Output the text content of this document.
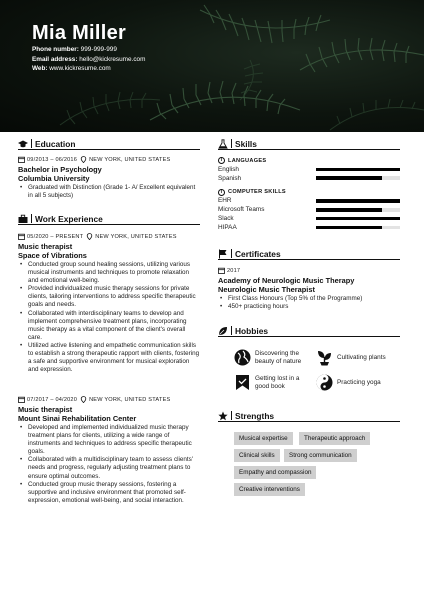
Mia Miller
Phone number: 999-999-999
Email address: hello@kickresume.com
Web: www.kickresume.com
Education
09/2013 – 06/2016 NEW YORK, UNITED STATES
Bachelor in Psychology
Columbia University
• Graduated with Distinction (Grade 1- A/ Excellent equivalent in all 5 subjects)
Work Experience
05/2020 – PRESENT NEW YORK, UNITED STATES
Music therapist
Space of Vibrations
• Conducted group sound healing sessions, utilizing various musical instruments and techniques to promote relaxation and emotional well-being.
• Provided individualized music therapy sessions for private clients, tailoring interventions to address specific therapeutic goals and needs.
• Collaborated with interdisciplinary teams to develop and implement comprehensive treatment plans, incorporating music therapy as a vital component of the client's overall care.
• Utilized active listening and empathetic communication skills to establish a strong therapeutic rapport with clients, fostering a safe and supportive environment for musical exploration and expression.
07/2017 – 04/2020 NEW YORK, UNITED STATES
Music therapist
Mount Sinai Rehabilitation Center
• Developed and implemented individualized music therapy treatment plans for clients, utilizing a wide range of instruments and techniques to address specific therapeutic goals.
• Collaborated with a multidisciplinary team to assess clients' needs and progress, regularly adjusting treatment plans to ensure optimal outcomes.
• Conducted group music therapy sessions, fostering a supportive and inclusive environment that promoted self-expression, emotional well-being, and social interaction.
Skills
i	LANGUAGES
English
Spanish
i	COMPUTER SKILLS
EHR
Microsoft Teams
Slack
HIPAA
Certificates
2017
Academy of Neurologic Music Therapy
Neurologic Music Therapist
• First Class Honours (Top 5% of the Programme)
• 450+ practicing hours
Hobbies
Discovering the beauty of nature
Cultivating plants
Getting lost in a good book
Practicing yoga
Strengths
Musical expertise	Therapeutic approach
Clinical skills	Strong communication
Empathy and compassion
Creative interventions
